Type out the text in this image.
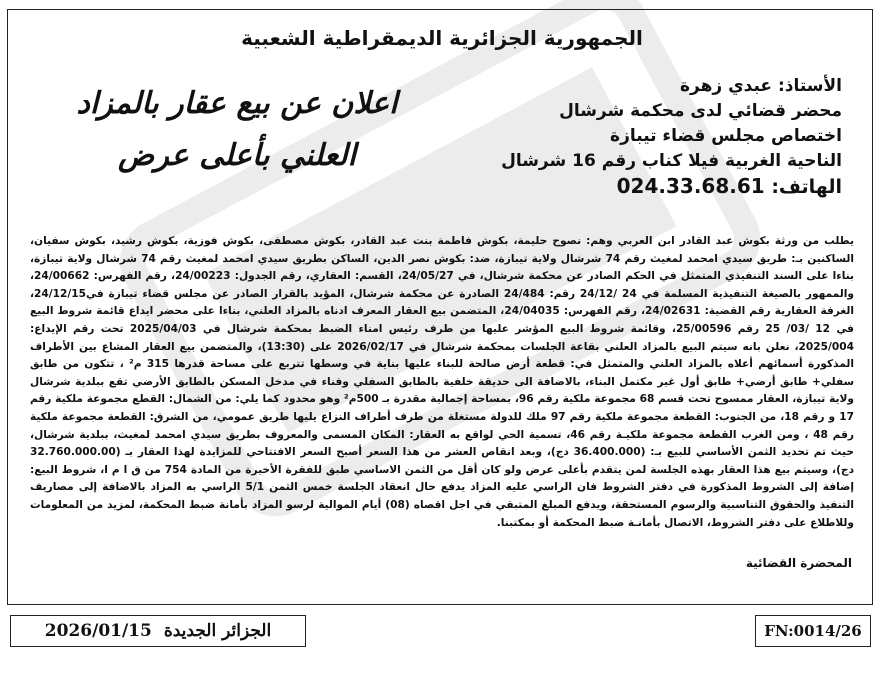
الجمهورية الجزائرية الديمقراطية الشعبية
الأستاذ: عبدي زهرة
محضر قضائي لدى محكمة شرشال
اختصاص مجلس قضاء تيبازة
الناحية الغربية فيلا كناب رقم 16 شرشال
الهاتف: 024.33.68.61
اعلان عن بيع عقار بالمزاد
العلني بأعلى عرض

يطلب من ورثة بكوش عبد القادر ابن العربي وهم: نصوح حليمة، بكوش فاطمة بنت عبد القادر، بكوش مصطفى، بكوش فوزية، بكوش رشيد، بكوش سفيان، الساكنين بـ: طريق سيدي امحمد لمغيث رقم 74 شرشال ولاية تيبازة، ضد: بكوش نصر الدين، الساكن بطريق سيدي امحمد لمغيث رقم 74 شرشال ولاية تيبازة، بناءا على السند التنفيذي المتمثل في الحكم الصادر عن محكمة شرشال، في 24/05/27، القسم: العقاري، رقم الجدول: 24/00223، رقم الفهرس: 24/00662، والممهور بالصيغة التنفيذية المسلمة في 24 /24/12 رقم: 24/484 الصادرة عن محكمة شرشال، المؤيد بالقرار الصادر عن مجلس قضاء تيبازة في24/12/15، الغرفة العقارية رقم القضية: 24/02631، رقم الفهرس: 24/04035، المتضمن بيع العقار المعرف ادناه بالمزاد العلني، بناءا على محضر ايداع قائمة شروط البيع في 12 /03/ 25 رقم 25/00596، وقائمة شروط البيع المؤشر عليها من طرف رئيس امناء الضبط بمحكمة شرشال في 2025/04/03 تحت رقم الإيداع: 2025/004، نعلن بانه سيتم البيع بالمزاد العلني بقاعة الجلسات بمحكمة شرشال في 2026/02/17 على (13:30)، والمتضمن بيع العقار المشاع بين الأطراف المذكورة أسمائهم أعلاه بالمزاد العلني والمتمثل في: قطعة أرض صالحة للبناء عليها بناية في وسطها تتربع على مساحة قدرها 315 م² ، تتكون من طابق سفلي+ طابق أرضي+ طابق أول غير مكتمل البناء، بالاضافة الى حديقة خلفية بالطابق السفلي وفناء في مدخل المسكن بالطابق الأرضي تقع ببلدية شرشال ولاية تيبازة، العقار ممسوح تحت قسم 68 مجموعة ملكية رقم 96، بمساحة إجمالية مقدرة بـ 500م² وهو محدود كما يلي: من الشمال: القطع مجموعة ملكية رقم 17 و رقم 18، من الجنوب: القطعة مجموعة ملكية رقم 97 ملك للدولة مستغلة من طرف أطراف النزاع يليها طريق عمومي، من الشرق: القطعة مجموعة ملكية رقم 48 ، ومن الغرب القطعة مجموعة ملكيـة رقم 46، تسمية الحي لواقع به العقار: المكان المسمى والمعروف بطريق سيدي امحمد لمغيث، ببلدية شرشال، حيث تم تحديد الثمن الأساسي للبيع بـ: (36.400.000 دج)، وبعد انقاص العشر من هذا السعر أصبح السعر الافتتاحي للمزايدة لهذا العقار بـ (32.760.000.00 دج)، وسيتم بيع هذا العقار بهذه الجلسة لمن يتقدم بأعلى عرض ولو كان أقل من الثمن الاساسي طبق للفقرة الأخيرة من المادة 754 من ق ا م ا، شروط البيع: إضافة إلى الشروط المذكورة في دفتر الشروط فان الراسي عليه المزاد يدفع حال انعقاد الجلسة خمس الثمن 5/1 الراسي به المزاد بالاضافة إلى مصاريف التنفيذ والحقوق التناسبية والرسوم المستحقة، ويدفع المبلغ المتبقي في اجل اقصاه (08) أيام الموالية لرسو المزاد بأمانة ضبط المحكمة، لمزيد من المعلومات وللاطلاع على دفتر الشروط، الاتصال بأمانـة ضبط المحكمة أو بمكتبنا.

المحضرة القضائية
الجزائر الجديدة
2026/01/15	FN:0014/26
